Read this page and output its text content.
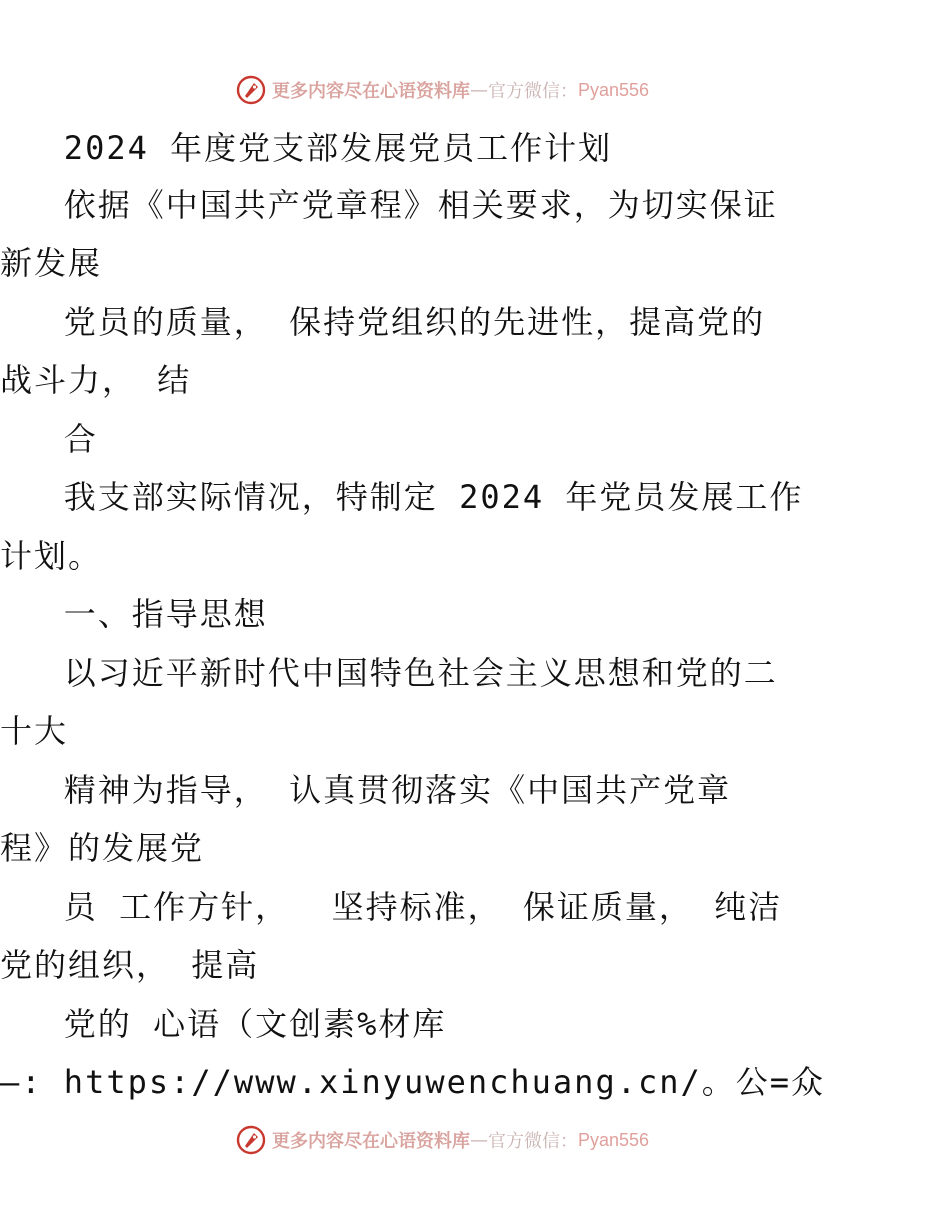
更多内容尽在心语资料库 — 官方微信： Pyan556
2024 年度党支部发展党员工作计划
依据《中国共产党章程》相关要求，为切实保证
新发展
党员的质量， 保持党组织的先进性，提高党的
战斗力， 结
合
我支部实际情况，特制定 2024 年党员发展工作
计划。
一、指导思想
以习近平新时代中国特色社会主义思想和党的二
十大
精神为指导， 认真贯彻落实《中国共产党章
程》的发展党
员 工作方针，  坚持标准， 保证质量， 纯洁
党的组织， 提高
党的 心语（文创素%材库
—: https://www.xinyuwenchuang.cn/。公=众
更多内容尽在心语资料库 — 官方微信： Pyan556
